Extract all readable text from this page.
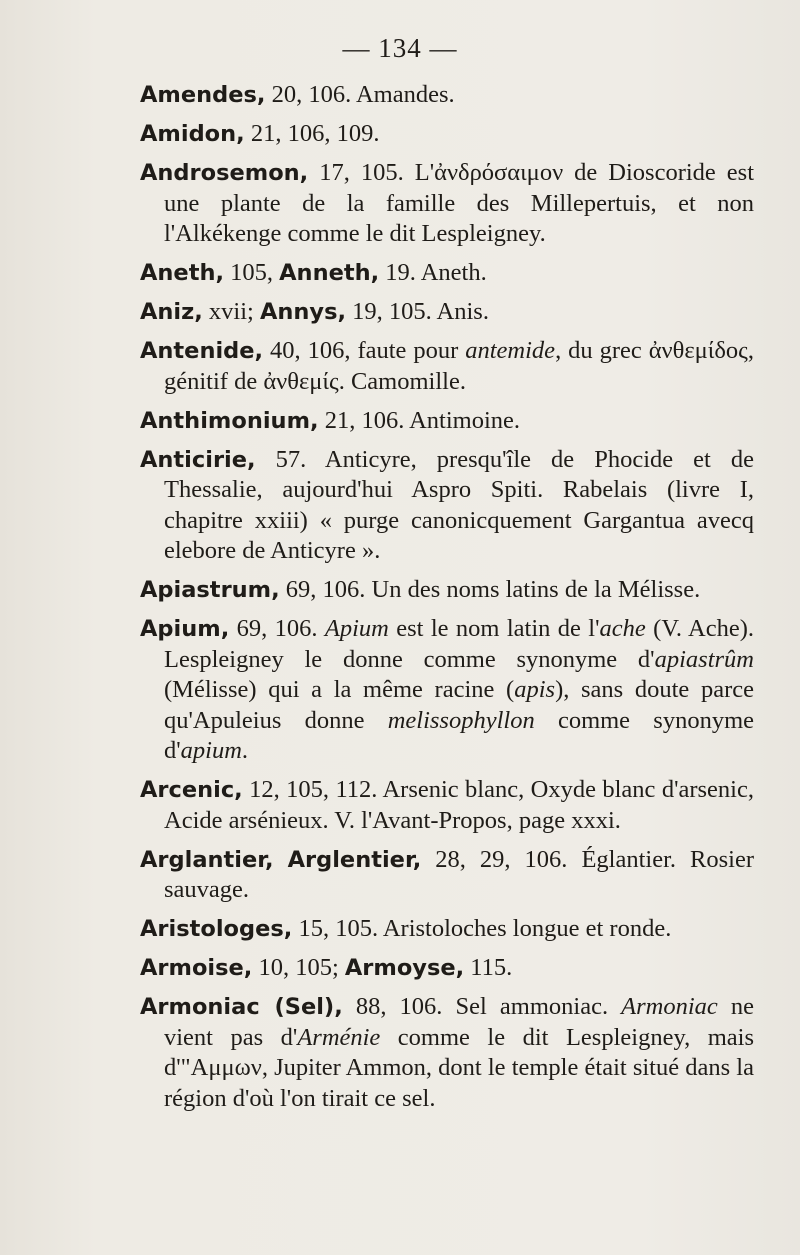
— 134 —

Amendes, 20, 106. Amandes.

Amidon, 21, 106, 109.

Androsemon, 17, 105. L'ἀνδρόσαιμον de Dioscoride est une plante de la famille des Millepertuis, et non l'Alkékenge comme le dit Lespleigney.

Aneth, 105, Anneth, 19. Aneth.

Aniz, xvii; Annys, 19, 105. Anis.

Antenide, 40, 106, faute pour antemide, du grec ἀνθεμίδος, génitif de ἀνθεμίς. Camomille.

Anthimonium, 21, 106. Antimoine.

Anticirie, 57. Anticyre, presqu'île de Phocide et de Thessalie, aujourd'hui Aspro Spiti. Rabelais (livre I, chapitre xxiii) « purge canonicquement Gargantua avecq elebore de Anticyre ».

Apiastrum, 69, 106. Un des noms latins de la Mélisse.

Apium, 69, 106. Apium est le nom latin de l'ache (V. Ache). Lespleigney le donne comme synonyme d'apiastrûm (Mélisse) qui a la même racine (apis), sans doute parce qu'Apuleius donne melissophyllon comme synonyme d'apium.

Arcenic, 12, 105, 112. Arsenic blanc, Oxyde blanc d'arsenic, Acide arsénieux. V. l'Avant-Propos, page xxxi.

Arglantier, Arglentier, 28, 29, 106. Églantier. Rosier sauvage.

Aristologes, 15, 105. Aristoloches longue et ronde.

Armoise, 10, 105; Armoyse, 115.

Armoniac (Sel), 88, 106. Sel ammoniac. Armoniac ne vient pas d'Arménie comme le dit Lespleigney, mais d'"Αμμων, Jupiter Ammon, dont le temple était situé dans la région d'où l'on tirait ce sel.
